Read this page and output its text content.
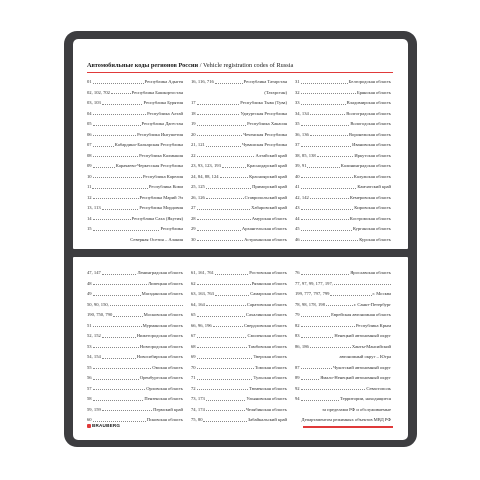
Автомобильные коды регионов России / Vehicle registration codes of Russia
01	Республика Адыгея
02, 102, 702	Республика Башкортостан
03, 103	Республика Бурятия
04	Республика Алтай
05	Республика Дагестан
06	Республика Ингушетия
07	Кабардино-Балкарская Республика
08	Республика Калмыкия
09	Карачаево-Черкесская Республика
10	Республика Карелия
11	Республика Коми
12	Республика Марий Эл
13, 113	Республика Мордовия
14	Республика Саха (Якутия)
15	Республика
Северная Осетия – Алания
16, 116, 716	Республика Татарстан
(Татарстан)
17	Республика Тыва (Тува)
18	Удмуртская Республика
19	Республика Хакасия
20	Чеченская Республика
21, 121	Чувашская Республика
22	Алтайский край
23, 93, 123, 193	Краснодарский край
24, 84, 88, 124	Красноярский край
25, 125	Приморский край
26, 126	Ставропольский край
27	Хабаровский край
28	Амурская область
29	Архангельская область
30	Астраханская область
31	Белгородская область
32	Брянская область
33	Владимирская область
34, 134	Волгоградская область
35	Вологодская область
36, 136	Воронежская область
37	Ивановская область
38, 85, 138	Иркутская область
39, 91	Калининградская область
40	Калужская область
41	Камчатский край
42, 142	Кемеровская область
43	Кировская область
44	Костромская область
45	Курганская область
46	Курская область
47, 147	Ленинградская область
48	Липецкая область
49	Магаданская область
50, 90, 150,
190, 750, 790	Московская область
51	Мурманская область
52, 152	Нижегородская область
53	Новгородская область
54, 154	Новосибирская область
55	Омская область
56	Оренбургская область
57	Орловская область
58	Пензенская область
59, 159	Пермский край
60	Псковская область
61, 161, 761	Ростовская область
62	Рязанская область
63, 163, 763	Самарская область
64, 164	Саратовская область
65	Сахалинская область
66, 96, 196	Свердловская область
67	Смоленская область
68	Тамбовская область
69	Тверская область
70	Томская область
71	Тульская область
72	Тюменская область
73, 173	Ульяновская область
74, 174	Челябинская область
75, 80	Забайкальский край
76	Ярославская область
77, 97, 99, 177, 197,
199, 777, 797, 799	г. Москва
78, 98, 178, 198	г. Санкт-Петербург
79	Еврейская автономная область
82	Республика Крым
83	Ненецкий автономный округ
86, 186	Ханты-Мансийский
автономный округ – Югра
87	Чукотский автономный округ
89	Ямало-Ненецкий автономный округ
92	Севастополь
94	Территории, находящиеся
за пределами РФ и обслуживаемые
Департаментом режимных объектов МВД РФ
BRAUBERG
